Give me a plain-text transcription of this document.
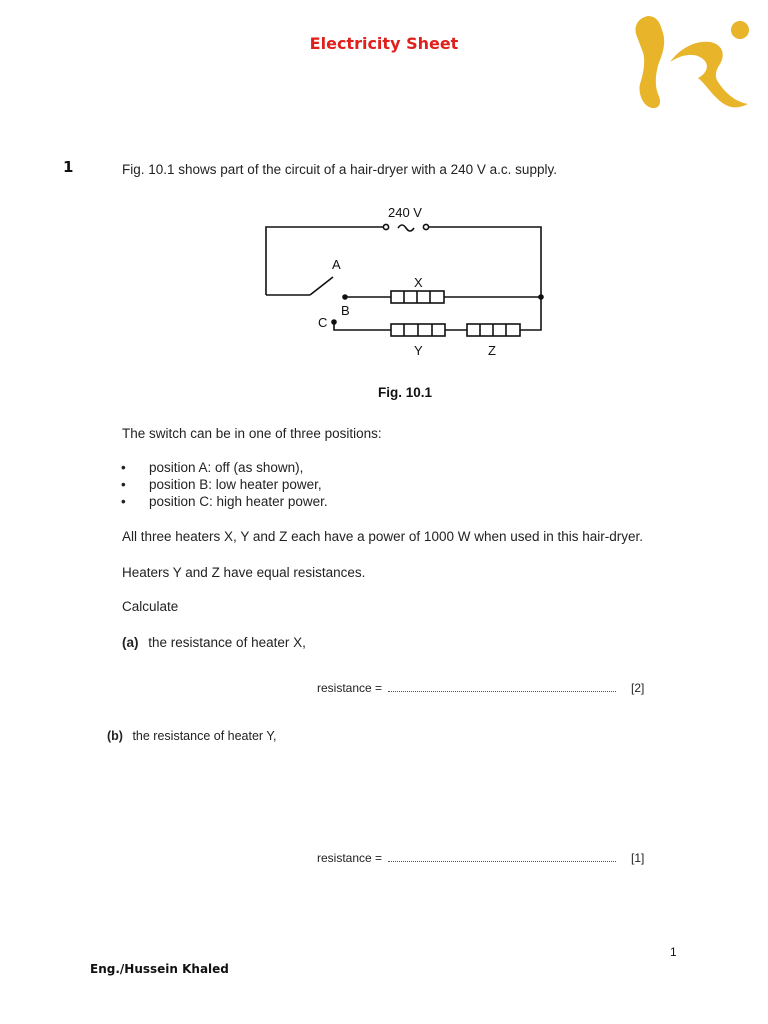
Electricity Sheet
1	Fig. 10.1 shows part of the circuit of a hair-dryer with a 240 V a.c. supply.
240 V
A
B
C
X
Y	Z
Fig. 10.1
The switch can be in one of three positions:
• position A: off (as shown),
• position B: low heater power,
• position C: high heater power.
All three heaters X, Y and Z each have a power of 1000 W when used in this hair-dryer.
Heaters Y and Z have equal resistances.
Calculate
(a) the resistance of heater X,
resistance =	[2]
(b) the resistance of heater Y,
resistance =	[1]
1
Eng./Hussein Khaled
